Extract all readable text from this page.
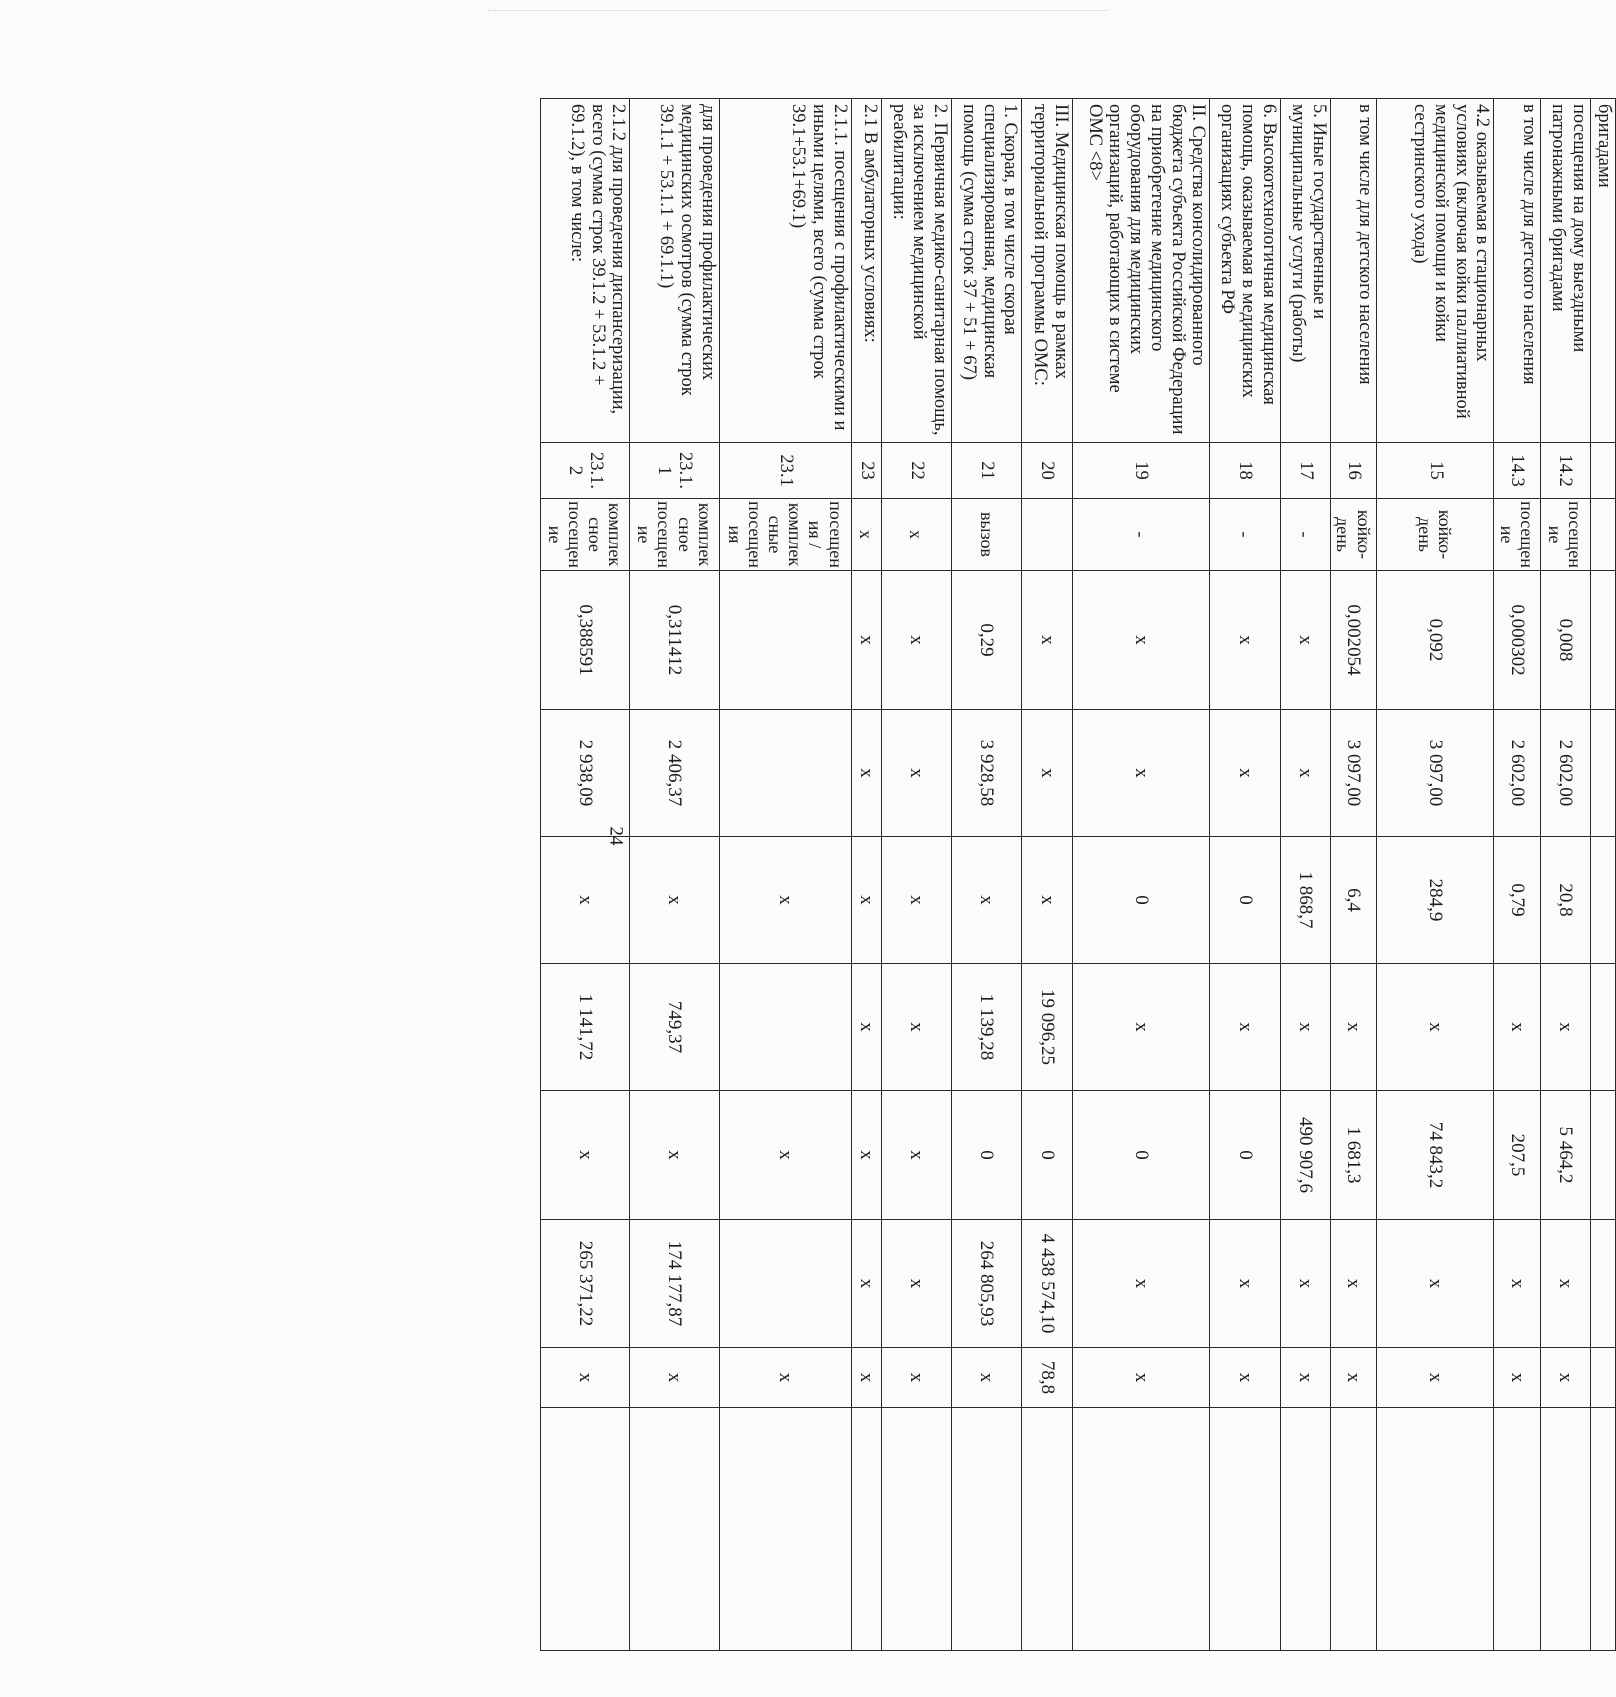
бригадами										
посещения на дому выездными патронажными бригадами	14.2	посещение	0,008	2 602,00	20,8	х	5 464,2	х	х	
в том числе для детского населения	14.3	посещение	0,000302	2 602,00	0,79	х	207,5	х	х	
4.2 оказываемая в стационарных условиях (включая койки паллиативной медицинской помощи и койки сестринского ухода)	15	койко-день	0,092	3 097,00	284,9	х	74 843,2	х	х	
в том числе для детского населения	16	койко-день	0,002054	3 097,00	6,4	х	1 681,3	х	х	
5. Иные государственные и муниципальные услуги (работы)	17	-	х	х	1 868,7	х	490 907,6	х	х	
6. Высокотехнологичная медицинская помощь, оказываемая в медицинских организациях субъекта РФ	18	-	х	х	0	х	0	х	х	
II. Средства консолидированного бюджета субъекта Российской Федерации на приобретение медицинского оборудования для медицинских организаций, работающих в системе ОМС <8>	19	-	х	х	0	х	0	х	х	
III. Медицинская помощь в рамках территориальной программы ОМС:	20		х	х	х	19 096,25	0	4 438 574,10	78,8	
1. Скорая, в том числе скорая специализированная, медицинская помощь (сумма строк 37 + 51 + 67)	21	вызов	0,29	3 928,58	х	1 139,28	0	264 805,93	х	
2. Первичная медико-санитарная помощь, за исключением медицинской реабилитации:	22	х	х	х	х	х	х	х	х	
2.1 В амбулаторных условиях:	23	х	х	х	х	х	х	х	х	
2.1.1. посещения с профилактическими и иными целями, всего (сумма строк 39.1+53.1+69.1)	23.1	посещения /комплексные посещения			х		х		х	
для проведения профилактических медицинских осмотров (сумма строк 39.1.1 + 53.1.1 + 69.1.1)	23.1.1	комплексное посещение	0,311412	2 406,37	х	749,37	х	174 177,87	х	
2.1.2 для проведения диспансеризации, всего (сумма строк 39.1.2 + 53.1.2 + 69.1.2), в том числе:	23.1.2	комплексное посещение	0,388591	2 938,09	х	1 141,72	х	265 371,22	х	
24
